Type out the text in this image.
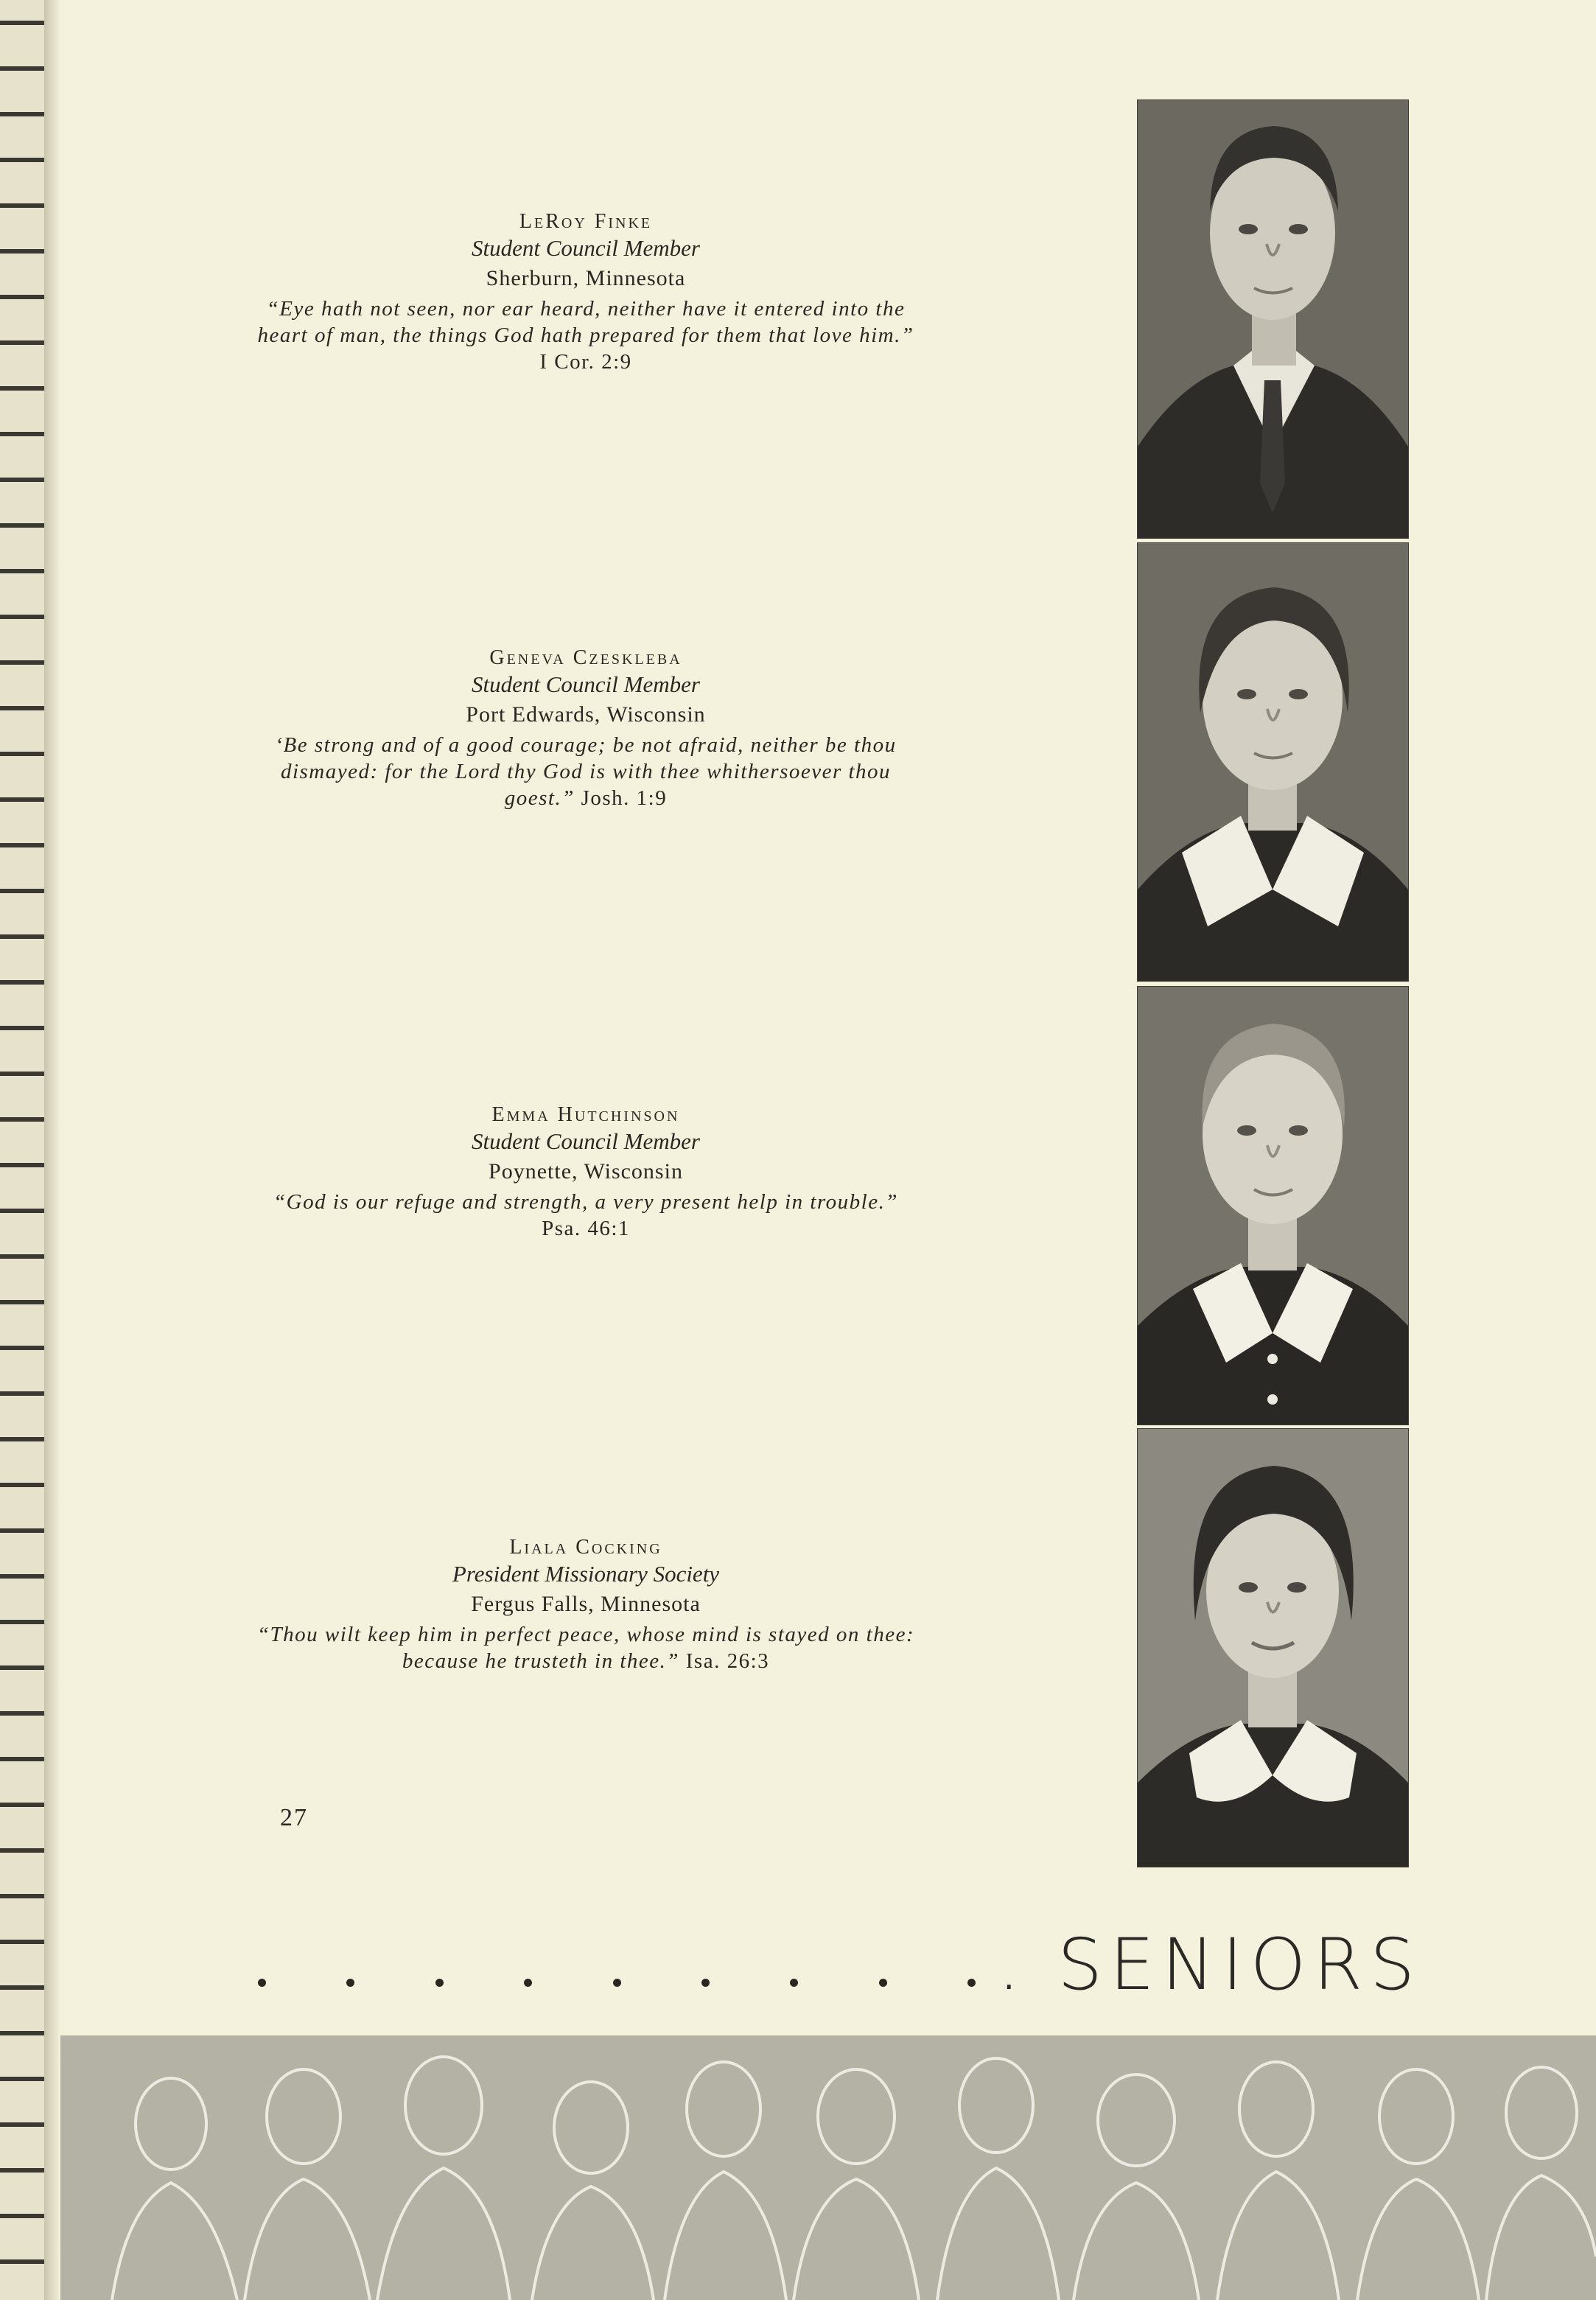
LeRoy Finke
Student Council Member
Sherburn, Minnesota
“Eye hath not seen, nor ear heard, neither have it entered into the heart of man, the things God hath prepared for them that love him.” I Cor. 2:9
Geneva Czeskleba
Student Council Member
Port Edwards, Wisconsin
‘Be strong and of a good courage; be not afraid, neither be thou dismayed: for the Lord thy God is with thee whithersoever thou goest.” Josh. 1:9
Emma Hutchinson
Student Council Member
Poynette, Wisconsin
“God is our refuge and strength, a very present help in trouble.” Psa. 46:1
Liala Cocking
President Missionary Society
Fergus Falls, Minnesota
“Thou wilt keep him in perfect peace, whose mind is stayed on thee: because he trusteth in thee.” Isa. 26:3
27
. SENIORS
